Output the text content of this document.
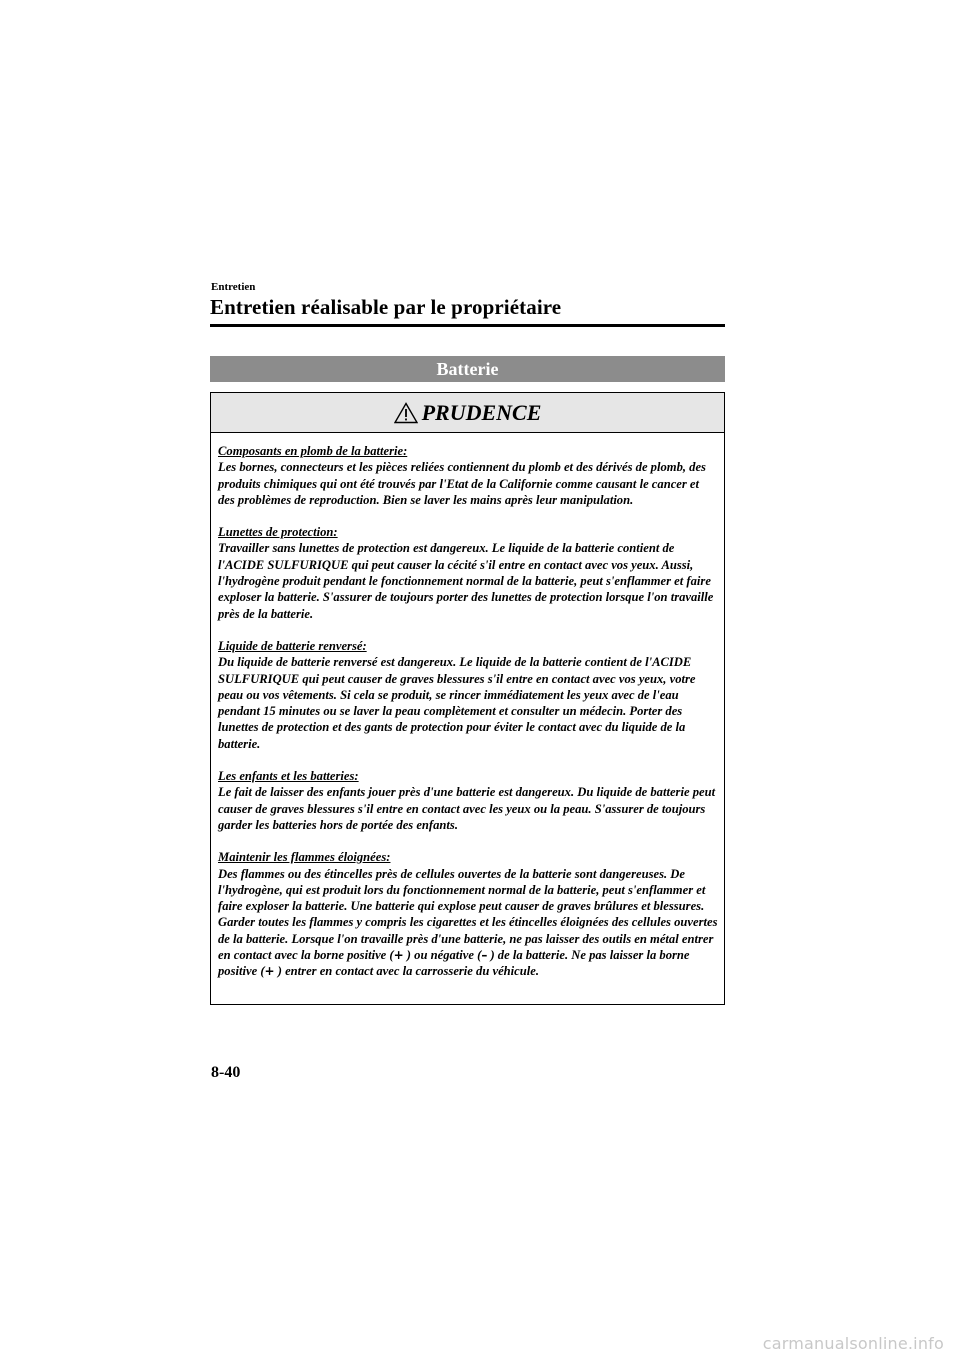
Entretien
Entretien réalisable par le propriétaire
Batterie
PRUDENCE
Composants en plomb de la batterie:
Les bornes, connecteurs et les pièces reliées contiennent du plomb et des dérivés de plomb, des produits chimiques qui ont été trouvés par l'Etat de la Californie comme causant le cancer et des problèmes de reproduction. Bien se laver les mains après leur manipulation.
Lunettes de protection:
Travailler sans lunettes de protection est dangereux. Le liquide de la batterie contient de l'ACIDE SULFURIQUE qui peut causer la cécité s'il entre en contact avec vos yeux. Aussi, l'hydrogène produit pendant le fonctionnement normal de la batterie, peut s'enflammer et faire exploser la batterie. S'assurer de toujours porter des lunettes de protection lorsque l'on travaille près de la batterie.
Liquide de batterie renversé:
Du liquide de batterie renversé est dangereux. Le liquide de la batterie contient de l'ACIDE SULFURIQUE qui peut causer de graves blessures s'il entre en contact avec vos yeux, votre peau ou vos vêtements. Si cela se produit, se rincer immédiatement les yeux avec de l'eau pendant 15 minutes ou se laver la peau complètement et consulter un médecin. Porter des lunettes de protection et des gants de protection pour éviter le contact avec du liquide de la batterie.
Les enfants et les batteries:
Le fait de laisser des enfants jouer près d'une batterie est dangereux. Du liquide de batterie peut causer de graves blessures s'il entre en contact avec les yeux ou la peau. S'assurer de toujours garder les batteries hors de portée des enfants.
Maintenir les flammes éloignées:
Des flammes ou des étincelles près de cellules ouvertes de la batterie sont dangereuses. De l'hydrogène, qui est produit lors du fonctionnement normal de la batterie, peut s'enflammer et faire exploser la batterie. Une batterie qui explose peut causer de graves brûlures et blessures. Garder toutes les flammes y compris les cigarettes et les étincelles éloignées des cellules ouvertes de la batterie. Lorsque l'on travaille près d'une batterie, ne pas laisser des outils en métal entrer en contact avec la borne positive (+ ) ou négative (– ) de la batterie. Ne pas laisser la borne positive (+ ) entrer en contact avec la carrosserie du véhicule.
8-40
carmanualsonline.info
